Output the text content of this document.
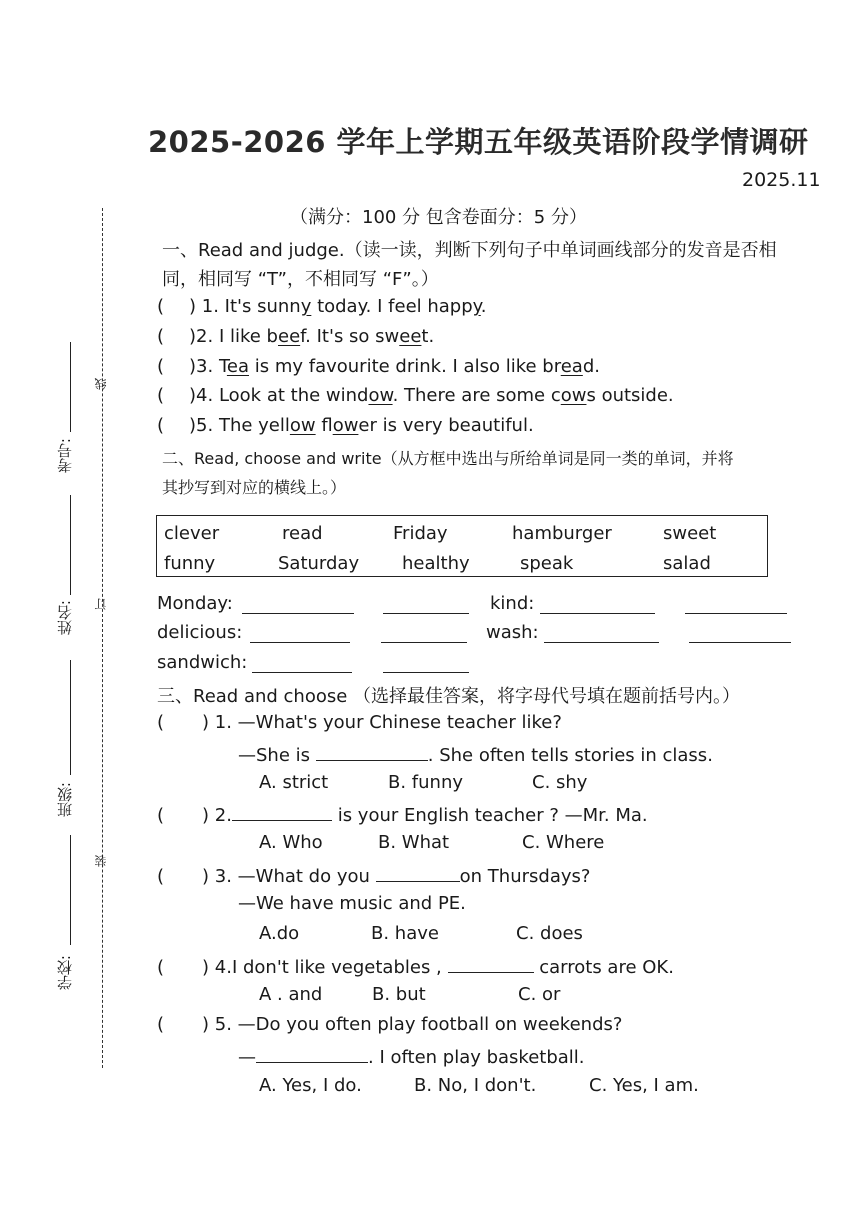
考号:
姓名:
班级:
学校:
线
订
装
2025-2026 学年上学期五年级英语阶段学情调研
2025.11
（满分：100 分 包含卷面分：5 分）
一、Read and judge.（读一读，判断下列句子中单词画线部分的发音是否相
同，相同写 “T”，不相同写 “F”。）
( ) 1. It's sunny today. I feel happy.
( )2. I like beef. It's so sweet.
( )3. Tea is my favourite drink. I also like bread.
( )4. Look at the window. There are some cows outside.
( )5. The yellow flower is very beautiful.
二、Read, choose and write（从方框中选出与所给单词是同一类的单词，并将
其抄写到对应的横线上。）
clever	read	Friday	hamburger	sweet
funny	Saturday healthy	speak	salad
Monday:	kind:
delicious:	wash:
sandwich:
三、Read and choose （选择最佳答案，将字母代号填在题前括号内。）
( ) 1. —What's your Chinese teacher like?
—She is	. She often tells stories in class.
A. strict	B. funny	C. shy
( ) 2.	is your English teacher ? —Mr. Ma.
A. Who	B. What	C. Where
( ) 3. —What do you	on Thursdays?
—We have music and PE.
A.do	B. have	C. does
( ) 4.I don't like vegetables ,	carrots are OK.
A . and	B. but	C. or
( ) 5. —Do you often play football on weekends?
—	. I often play basketball.
A. Yes, I do.	B. No, I don't.	C. Yes, I am.
